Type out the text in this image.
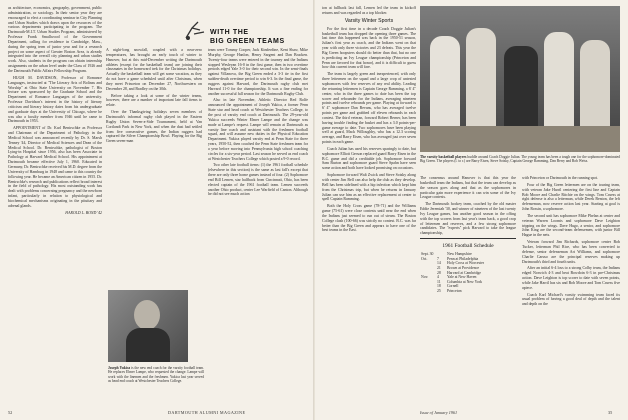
as architecture, economics, geography, government, public administration, or sociology. In their senior year they are encouraged to elect a coordinating seminar in City Planning and Urban Studies which draws upon the resources of the various departments participating in the program. The Dartmouth-M.I.T. Urban Studies Program, administered by Professor Frank Smallwood of the Government Department, calling for residence in Cambridge, Mass., during the spring term of junior year and for a research project on some aspect of Greater Boston Area, is already integrated into the overall city planning and urban studies work. Also, students in the program can obtain internship assignments on the urban level under the Class of 1926 and the Dartmouth Public Affairs Fellowship Program.

HUGH M. DAVIDSON, Professor of Romance Languages, instructed at "The Literary Arts of Bolinas and Worship" at Ohio State University on November 7. His lecture was sponsored by the Graduate School and the Department of Romance Languages of the university. Professor Davidson's interest in the history of literary criticism and literary history dates from his undergraduate and graduate days at the University of Chicago, where he was also a faculty member from 1946 until he came to Dartmouth in 1953.

APPOINTMENT of Dr. Karl Benirschke as Professor and Chairman of the Department of Pathology in the Medical School was announced recently by Dr. S. Marsh Tenney '44, Director of Medical Sciences and Dean of the Medical School. Dr. Benirschke, pathologist of Boston Lying-in Hospital since 1956, also has been Associate in Pathology at Harvard Medical School. His appointment at Dartmouth became effective July 1, 1960. Educated in Germany, Dr. Benirschke received his M.D. degree from the University of Hamburg in 1948 and came to this country the following year. He became an American citizen in 1955. Dr. Benirschke's research and publications reflect broad interest in the field of pathology. His most outstanding work has dealt with problems concerning pregnancy and the newborn infant, particularly in relation to physiological and biochemical mechanisms originating in the pituitary and adrenal glands.

HAROLD L. BOND '42
WITH THE
BIG GREEN TEAMS

A night-long snowfall, coupled with a near-zero temperatures, has brought an early touch of winter to Hanover, but at this mid-December writing the Dartmouth athletes (except for the basketball team) are joining their classmates in the homeward trek for the Christmas holidays. Actually the basketball team will get some vacation, as they do not have a game scheduled until after Christmas, when they meet Princeton on December 27, Northwestern on December 28, and Bradley on the 30th.

Before taking a look at some of the winter teams, however, there are a number of important late fall items to relate.

Over the Thanksgiving holidays seven members of Dartmouth's informal rugby club played in the Eastern Rugby Union Seven-a-Side Tournament, held at Van Cortlandt Park in New York, and when the dust had settled from five consecutive games, the Indian ruggers had captured the Silver Championship Bowl. Playing for the Big Green seven-man

Joseph Yukica is the new end coach for the varsity football team. He replaces Elmer Lampe, who requested the change. Lampe will work with the linemen and the freshmen. Yukica last year served as head end coach at Westchester Teachers College.

team were Tommy Cooper, Jack Kinderdine, Kent Shaw, Mike Murphy, George Hanlon, Henry Sargent and Dan Bracken. Twenty-four teams were entered in the tourney and the Indians stopped Wesleyan 16-0 in the first game, then in two overtime periods edged Yale 3-0 for their second win. In the semi-finals against Villanova, the Big Green ended a 3-3 tie in the first sudden-death overtime period to win 6-3. In the final game, the ruggers against Harvard, the Dartmouth rugby club met Harvard 11-0 for the championship. It was a fine ending for another successful fall season for the Dartmouth Rugby Club.

Also in late November, Athletic Director Red Rolfe announced the appointment of Joseph Yukica, a former Penn State star and head coach at Westchester Teachers College, to the post of varsity end coach at Dartmouth. The 29-year-old Yukica succeeds Winter Elmer Lampe and the change was made at Lampe's request. Lampe will remain at Dartmouth as varsity line coach and assistant with the freshmen football squad, and will assume new duties in the Physical Education Department. Yukica played varsity end at Penn State for three years, 1950-52, then coached the Penn State freshmen team for a year before moving into Pennsylvania high school coaching circles for a six-year period. Last season he served as end coach at Westchester Teachers College which posted a 9-0 record.

Two other late football items: (1) the 1961 football schedule (elsewhere in this section) is the same as last fall's except that there are only three home games instead of four. (2) Sophomore end Bill Lemen, star halfback from Cincinnati, Ohio, has been elected captain of the 1961 football team. Lemen succeeds another Ohio product, center Lee Warfield of Canton. Although he did not see much action

52	DARTMOUTH ALUMNI MAGAZINE

ion at fullback last fall, Lemen led the team in kickoff returns and was regarded as a top blocker.

Varsity Winter Sports

For the first time in a decade Coach Doggie Julian's basketball team has dropped the opening three games. The last time this happened was back in the 1950-51 season, Julian's first year as coach, and the Indians went on that year with only three victories and 23 defeats. This year the Big Green hoopsters should do better than that, but no one is predicting an Ivy League championship (Princeton and Penn are favored for that honor), and it is difficult to guess how this current team will fare.

The team is largely green and inexperienced, with only three lettermen on the squad and a large crop of untested sophomores with few reserves of any real ability. Leading the returning lettermen is Captain George Ramming, a 6' 4" center, who in the three games to date has been the top scorer and rebounder for the Indians, averaging nineteen points and twelve rebounds per game. Playing at forward is 6' 4" sophomore Dan Bevans, who has averaged twelve points per game and grabbed off eleven rebounds in each contest. The third veteran, forward Robert Berner, has been having trouble finding the basket and has a 3.0 points-per-game average to date. Two sophomores have been playing well at guard, Mack Willoughby, who has a 12.3 scoring average, and Barry Eisen, who has averaged just over seven points in each game.

Coach Julian has used his reserves sparingly to date, but sophomore Elliott Gerson replaced guard Barry Eisen in the B.C. game and did a creditable job. Sophomore forward Sam Burton and sophomore guard Steve Spahn have seen some action and both have looked promising on occasions.

Sophomore forward Walt Zwick and Steve Sotsky along with center Jim Bell can also help the club as they develop. Bell has been sidelined with a hip infection which kept him from the Christmas trip, but when he returns in January Julian can use him as an effective replacement at center to spell Captain Ramming.

Both the Holy Cross game (78-71) and the Williams game (75-61) were close contests until near the end when the Indians just seemed to run out of steam. The Boston College clash (100-66) was strictly no contest. B.C. was far better than the Big Green and appears to have one of the best teams in the East.

The varsity basketball players huddle around Coach Doggie Julian. The young team has been a tough one for the sophomore-dominated Big Green. The players (l. to r.) are Barry Eisen, Steve Sotsky, Captain George Ramming, Dan Berry and Bob Weiss.

The consensus around Hanover is that this year the basketball team the Indians, but that the team can develop as the season goes along and that as the sophomores in particular gain more experience it can win some of the Ivy League contests.

The Dartmouth hockey team, coached by the old master Eddie Jeremiah '30, and winner of nineteen of the last twenty Ivy League games, has another good season in the offing with the top scorers from last year's team back, a good crop of lettermen and reserves, and a few strong sophomore candidates. The "experts" pick Harvard to take the league championship,

1961 Football Schedule
Sept. 30		New Hampshire
Oct.	7	Penn at Philadelphia
	14	Holy Cross at Worcester
	21	Brown at Providence
	28	Harvard at Cambridge
Nov.	4	Yale at New Haven
	11	Columbia at New York
	18	Cornell
	25	Princeton

with Princeton or Dartmouth in the running spot.

Four of the Big Green lettermen are on the touring team, with veteran Jake Harril centering the first line and Captain Bob Moore and Charlie Ritchie on the wings. Tom Cruess at right defense is also a letterman, while Derek Benton, the left defenseman, now reserve action last year. Starting at goal is John Rossin, a sophomore.

The second unit has sophomore Mike Phelan at center and veteran Warren Loomis and sophomore Dave Leighton tripping on the wings. Dave Hugo, a senior, and sophomore John King are the second-team defensemen, with junior Bill Hague in the nets.

Veteran forward Jim Richards, sophomore center Bob Tucker, letterman Phil Rice, who has been converted to defense, senior defenseman Art Williams, and sophomore Charlie Caruso are the principal reserves making up Dartmouth's third and fourth units.

After an initial 6-4 loss to a strong Colby team, the Indians edged Norwich 4-3 and beat Bowdoin 6-3 in pre-Christmas action. Dave Leighton is top scorer to date with seven points, while Jake Harril has six and Bob Moore and Tom Cruess five apiece.

Coach Karl Michael's varsity swimming team faced its usual problem of having a good deal of depth and the talent and depth on the

Issue of January 1961	35
